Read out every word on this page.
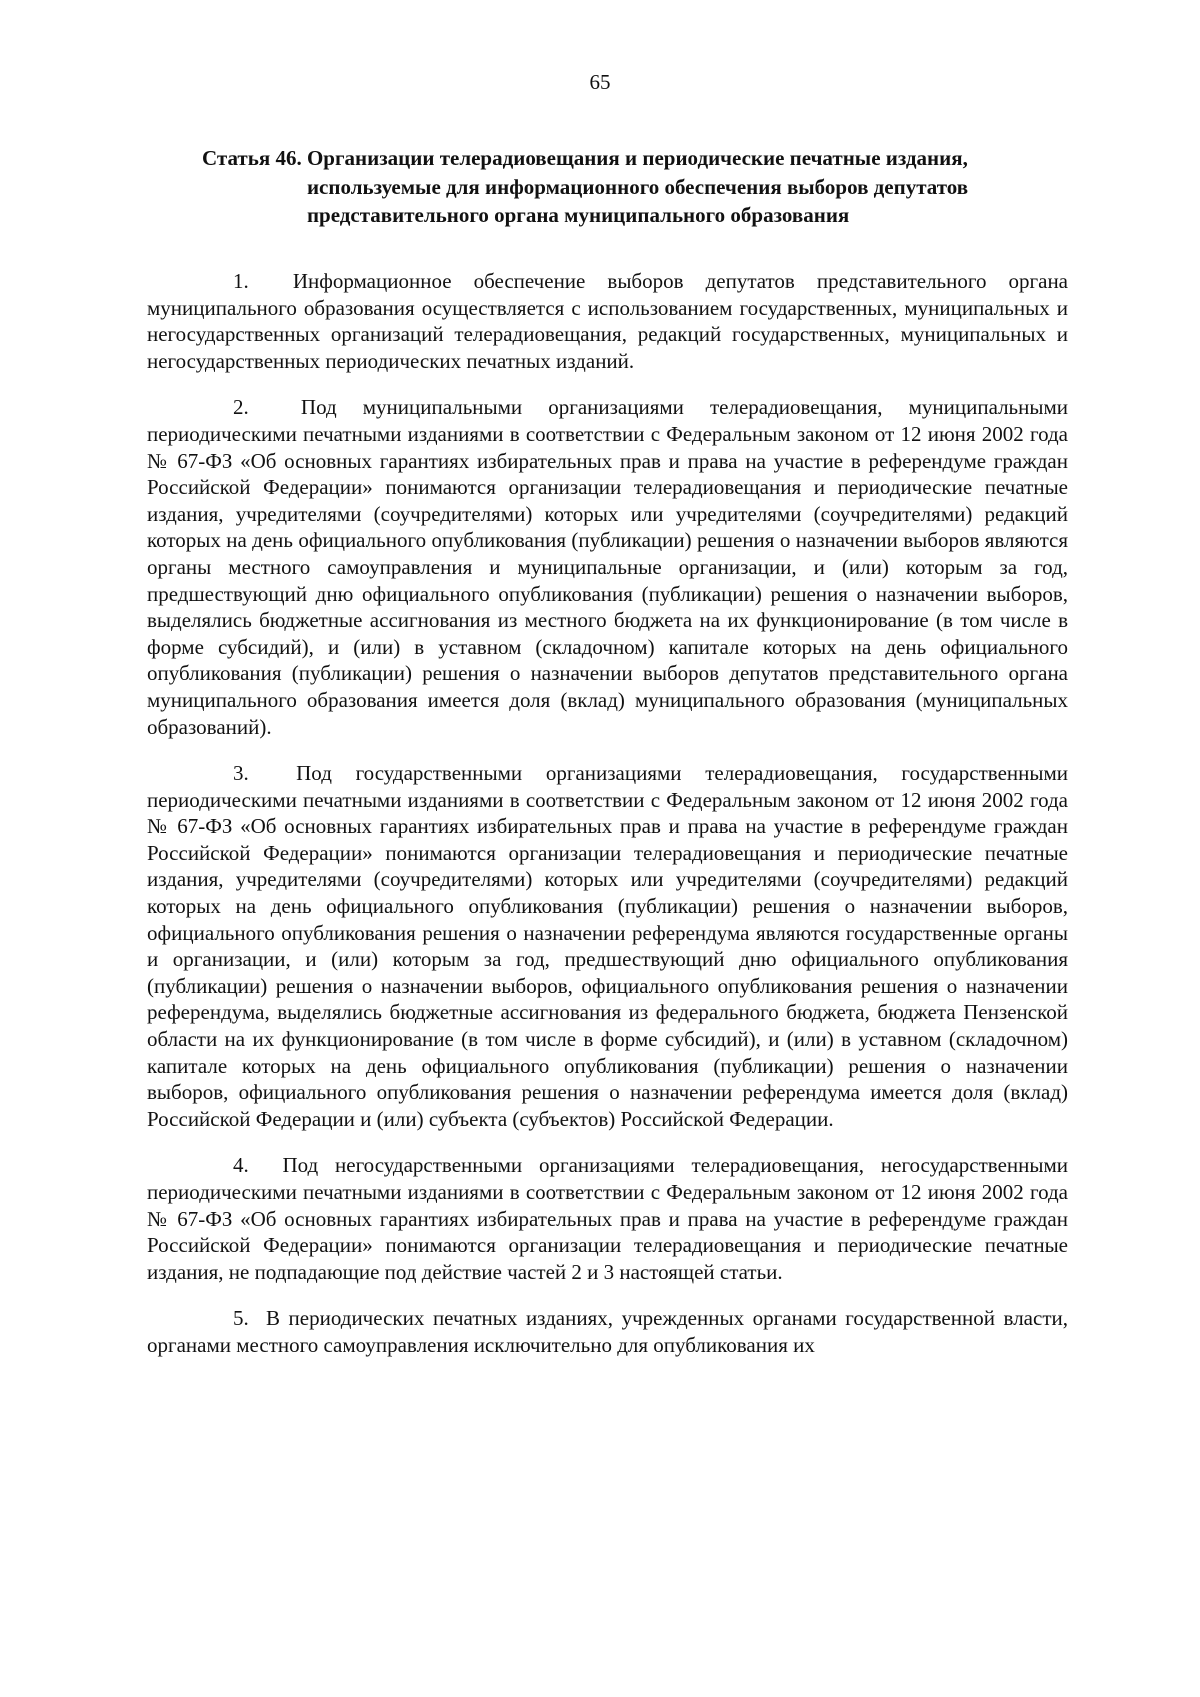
65
Статья 46. Организации телерадиовещания и периодические печатные издания, используемые для информационного обеспечения выборов депутатов представительного органа муниципального образования

1.  Информационное обеспечение выборов депутатов представительного органа муниципального образования осуществляется с использованием государственных, муниципальных и негосударственных организаций телерадиовещания, редакций государственных, муниципальных и негосударственных периодических печатных изданий.

2.  Под муниципальными организациями телерадиовещания, муниципальными периодическими печатными изданиями в соответствии с Федеральным законом от 12 июня 2002 года № 67-ФЗ «Об основных гарантиях избирательных прав и права на участие в референдуме граждан Российской Федерации» понимаются организации телерадиовещания и периодические печатные издания, учредителями (соучредителями) которых или учредителями (соучредителями) редакций которых на день официального опубликования (публикации) решения о назначении выборов являются органы местного самоуправления и муниципальные организации, и (или) которым за год, предшествующий дню официального опубликования (публикации) решения о назначении выборов, выделялись бюджетные ассигнования из местного бюджета на их функционирование (в том числе в форме субсидий), и (или) в уставном (складочном) капитале которых на день официального опубликования (публикации) решения о назначении выборов депутатов представительного органа муниципального образования имеется доля (вклад) муниципального образования (муниципальных образований).

3.  Под государственными организациями телерадиовещания, государственными периодическими печатными изданиями в соответствии с Федеральным законом от 12 июня 2002 года № 67-ФЗ «Об основных гарантиях избирательных прав и права на участие в референдуме граждан Российской Федерации» понимаются организации телерадиовещания и периодические печатные издания, учредителями (соучредителями) которых или учредителями (соучредителями) редакций которых на день официального опубликования (публикации) решения о назначении выборов, официального опубликования решения о назначении референдума являются государственные органы и организации, и (или) которым за год, предшествующий дню официального опубликования (публикации) решения о назначении выборов, официального опубликования решения о назначении референдума, выделялись бюджетные ассигнования из федерального бюджета, бюджета Пензенской области на их функционирование (в том числе в форме субсидий), и (или) в уставном (складочном) капитале которых на день официального опубликования (публикации) решения о назначении выборов, официального опубликования решения о назначении референдума имеется доля (вклад) Российской Федерации и (или) субъекта (субъектов) Российской Федерации.

4.  Под негосударственными организациями телерадиовещания, негосударственными периодическими печатными изданиями в соответствии с Федеральным законом от 12 июня 2002 года № 67-ФЗ «Об основных гарантиях избирательных прав и права на участие в референдуме граждан Российской Федерации» понимаются организации телерадиовещания и периодические печатные издания, не подпадающие под действие частей 2 и 3 настоящей статьи.

5.  В периодических печатных изданиях, учрежденных органами государственной власти, органами местного самоуправления исключительно для опубликования их
